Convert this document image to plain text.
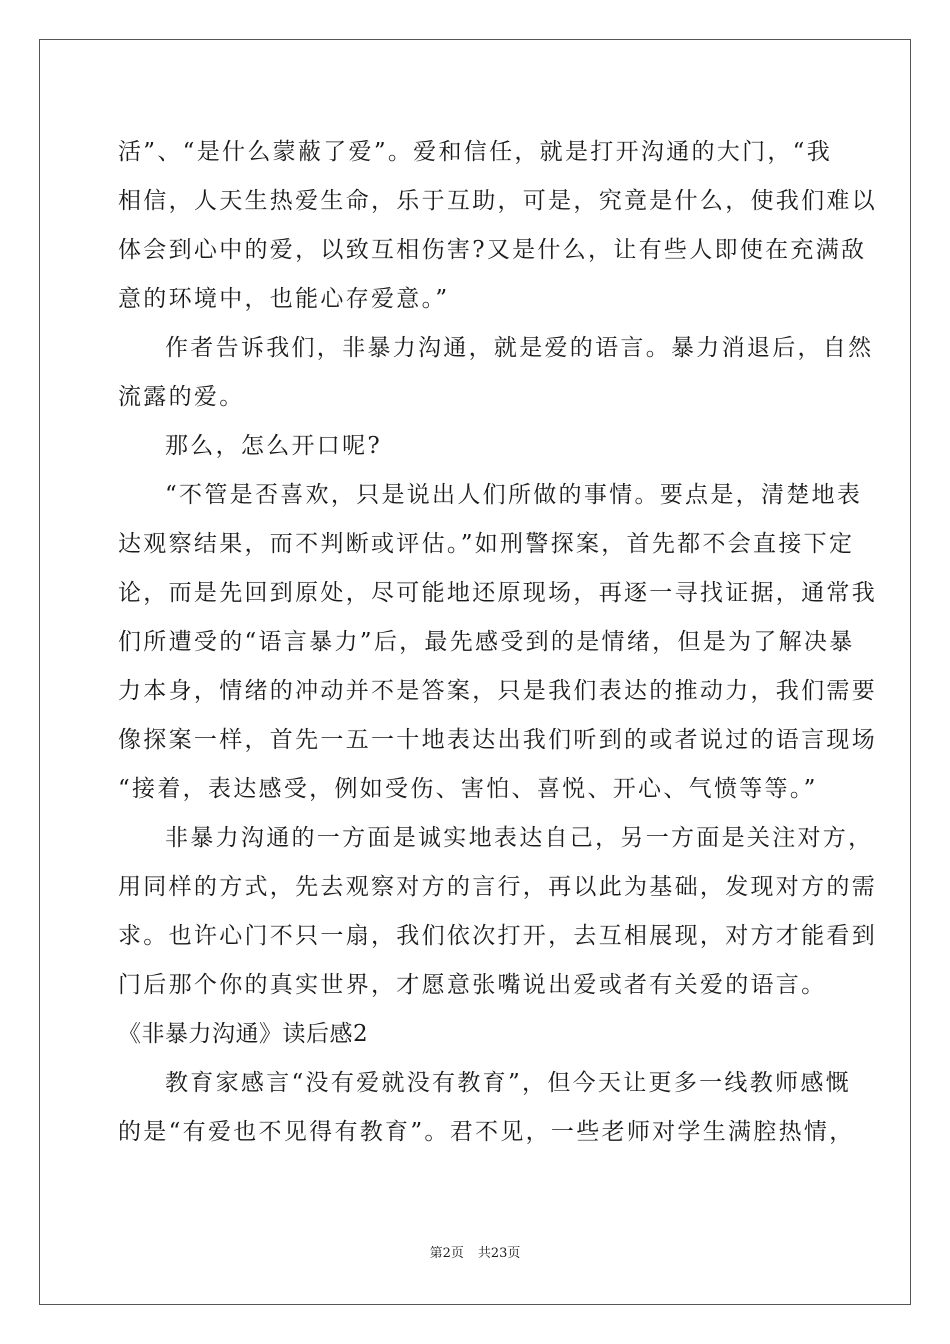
活”、“是什么蒙蔽了爱”。爱和信任，就是打开沟通的大门，“我
相信，人天生热爱生命，乐于互助，可是，究竟是什么，使我们难以
体会到心中的爱，以致互相伤害?又是什么，让有些人即使在充满敌
意的环境中，也能心存爱意。”
作者告诉我们，非暴力沟通，就是爱的语言。暴力消退后，自然
流露的爱。
那么，怎么开口呢?
“不管是否喜欢，只是说出人们所做的事情。要点是，清楚地表
达观察结果，而不判断或评估。”如刑警探案，首先都不会直接下定
论，而是先回到原处，尽可能地还原现场，再逐一寻找证据，通常我
们所遭受的“语言暴力”后，最先感受到的是情绪，但是为了解决暴
力本身，情绪的冲动并不是答案，只是我们表达的推动力，我们需要
像探案一样，首先一五一十地表达出我们听到的或者说过的语言现场
“接着，表达感受，例如受伤、害怕、喜悦、开心、气愤等等。”
非暴力沟通的一方面是诚实地表达自己，另一方面是关注对方，
用同样的方式，先去观察对方的言行，再以此为基础，发现对方的需
求。也许心门不只一扇，我们依次打开，去互相展现，对方才能看到
门后那个你的真实世界，才愿意张嘴说出爱或者有关爱的语言。
《非暴力沟通》读后感2
教育家感言“没有爱就没有教育”，但今天让更多一线教师感慨
的是“有爱也不见得有教育”。君不见，一些老师对学生满腔热情，
第2页 共23页
